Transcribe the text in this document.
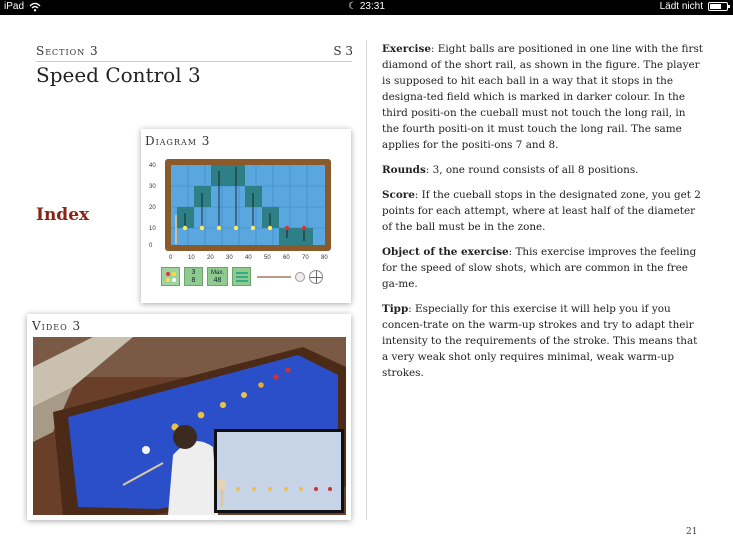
iPad	☾ 23:31	Lädt nicht
Section 3	S 3
Speed Control 3
Index
Diagram 3
40
30
20
10
0
0	10 20 30 40 50 60 70 80
3
8
Max.
48
Video 3

Exercise: Eight balls are positioned in one line with the first diamond of the short rail, as shown in the figure. The player is supposed to hit each ball in a way that it stops in the designa-ted field which is marked in darker colour. In the third positi-on the cueball must not touch the long rail, in the fourth positi-on it must touch the long rail. The same applies for the positi-ons 7 and 8.

Rounds: 3, one round consists of all 8 positions.

Score: If the cueball stops in the designated zone, you get 2 points for each attempt, where at least half of the diameter of the ball must be in the zone.

Object of the exercise: This exercise improves the feeling for the speed of slow shots, which are common in the free ga-me.

Tipp: Especially for this exercise it will help you if you concen-trate on the warm-up strokes and try to adapt their intensity to the requirements of the stroke. This means that a very weak shot only requires minimal, weak warm-up strokes.

21
